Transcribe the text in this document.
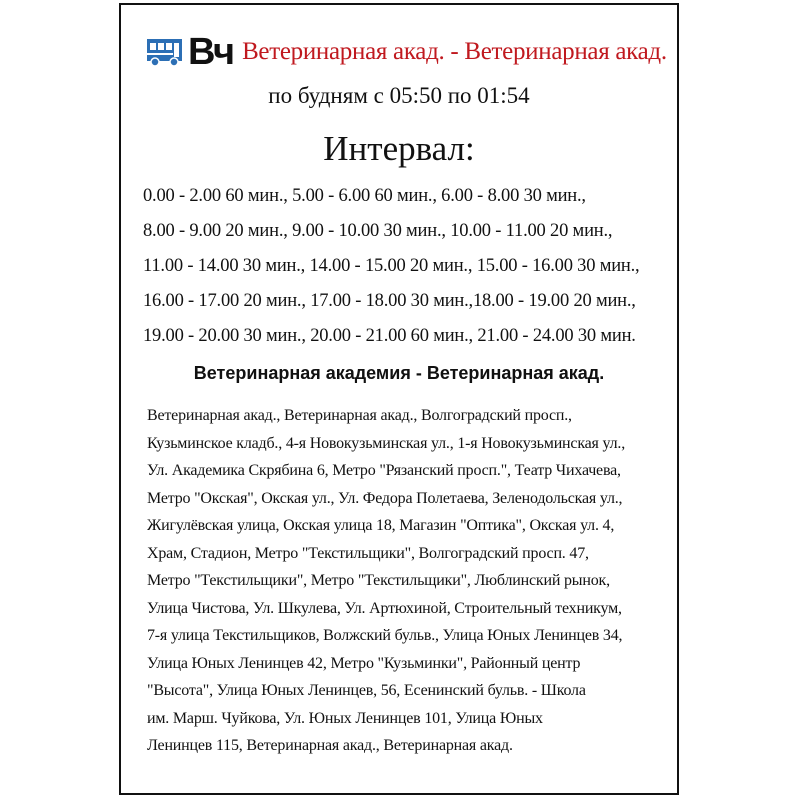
Вч Ветеринарная акад. - Ветеринарная акад.
по будням с 05:50 по 01:54
Интервал:
0.00 - 2.00 60 мин., 5.00 - 6.00 60 мин., 6.00 - 8.00 30 мин.,
8.00 - 9.00 20 мин., 9.00 - 10.00 30 мин., 10.00 - 11.00 20 мин.,
11.00 - 14.00 30 мин., 14.00 - 15.00 20 мин., 15.00 - 16.00 30 мин.,
16.00 - 17.00 20 мин., 17.00 - 18.00 30 мин.,18.00 - 19.00 20 мин.,
19.00 - 20.00 30 мин., 20.00 - 21.00 60 мин., 21.00 - 24.00 30 мин.
Ветеринарная академия - Ветеринарная акад.
Ветеринарная акад., Ветеринарная акад., Волгоградский просп.,
Кузьминское кладб., 4-я Новокузьминская ул., 1-я Новокузьминская ул.,
Ул. Академика Скрябина 6, Метро "Рязанский просп.", Театр Чихачева,
Метро "Окская", Окская ул., Ул. Федора Полетаева, Зеленодольская ул.,
Жигулёвская улица, Окская улица 18, Магазин "Оптика", Окская ул. 4,
Храм, Стадион, Метро "Текстильщики", Волгоградский просп. 47,
Метро "Текстильщики", Метро "Текстильщики", Люблинский рынок,
Улица Чистова, Ул. Шкулева, Ул. Артюхиной, Строительный техникум,
7-я улица Текстильщиков, Волжский бульв., Улица Юных Ленинцев 34,
Улица Юных Ленинцев 42, Метро "Кузьминки", Районный центр
"Высота", Улица Юных Ленинцев, 56, Есенинский бульв. - Школа
им. Марш. Чуйкова, Ул. Юных Ленинцев 101, Улица Юных
Ленинцев 115, Ветеринарная акад., Ветеринарная акад.
